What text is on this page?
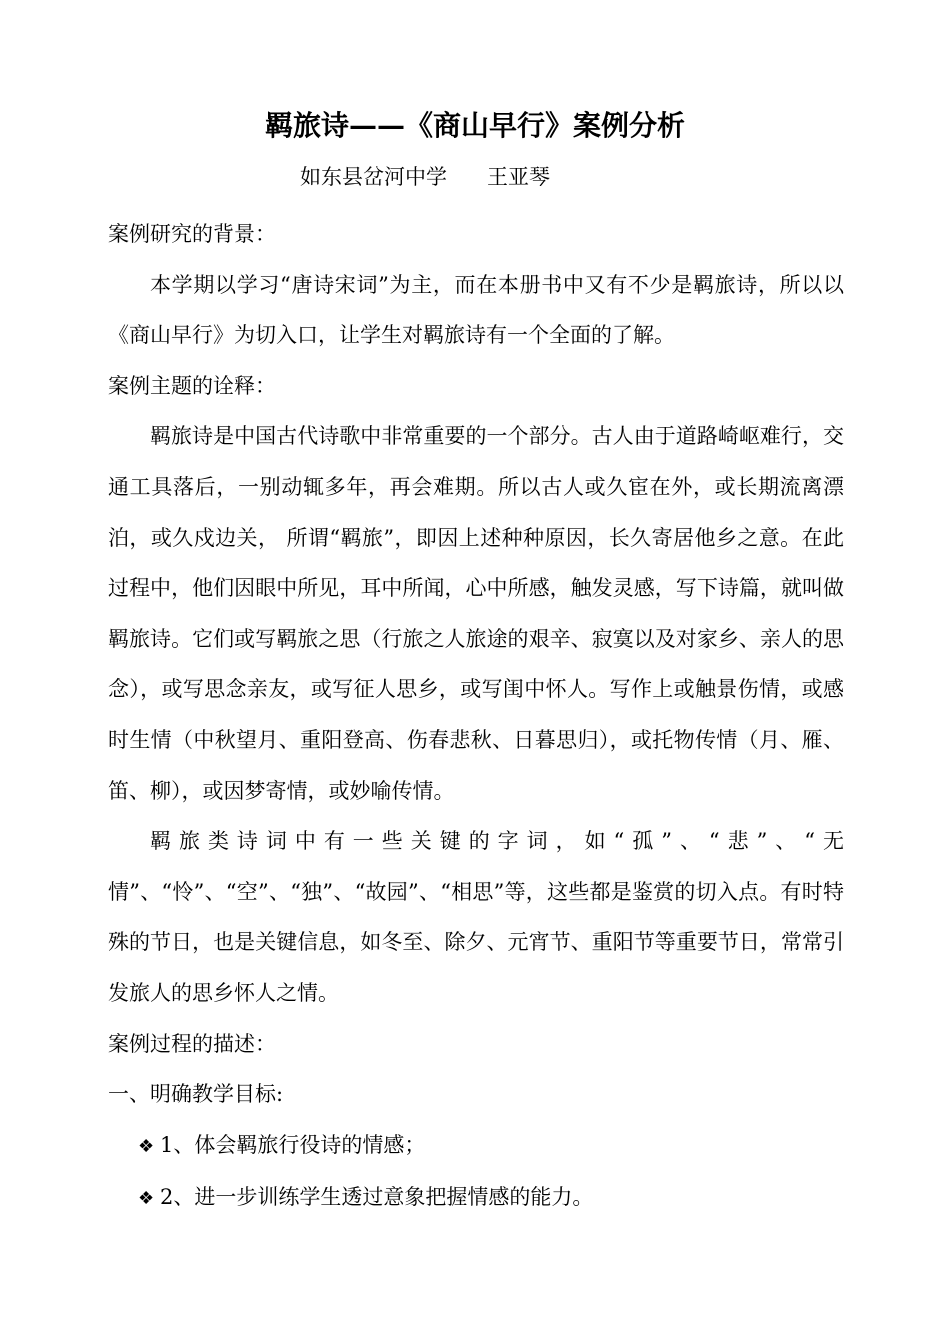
羁旅诗——《商山早行》案例分析
如东县岔河中学      王亚琴

案例研究的背景：

本学期以学习“唐诗宋词”为主，而在本册书中又有不少是羁旅诗，所以以《商山早行》为切入口，让学生对羁旅诗有一个全面的了解。

案例主题的诠释：

羁旅诗是中国古代诗歌中非常重要的一个部分。古人由于道路崎岖难行，交通工具落后，一别动辄多年，再会难期。所以古人或久宦在外，或长期流离漂泊，或久戍边关， 所谓“羁旅”，即因上述种种原因，长久寄居他乡之意。在此过程中，他们因眼中所见，耳中所闻，心中所感，触发灵感，写下诗篇，就叫做羁旅诗。它们或写羁旅之思（行旅之人旅途的艰辛、寂寞以及对家乡、亲人的思念），或写思念亲友，或写征人思乡，或写闺中怀人。写作上或触景伤情，或感时生情（中秋望月、重阳登高、伤春悲秋、日暮思归），或托物传情（月、雁、笛、柳），或因梦寄情，或妙喻传情。

羁旅类诗词中有一些关键的字词，如“孤”、“悲”、“无情”、“怜”、“空”、“独”、“故园”、“相思”等，这些都是鉴赏的切入点。有时特殊的节日，也是关键信息，如冬至、除夕、元宵节、重阳节等重要节日，常常引发旅人的思乡怀人之情。

案例过程的描述：

一、明确教学目标:

❖ 1、体会羁旅行役诗的情感；

❖ 2、进一步训练学生透过意象把握情感的能力。
